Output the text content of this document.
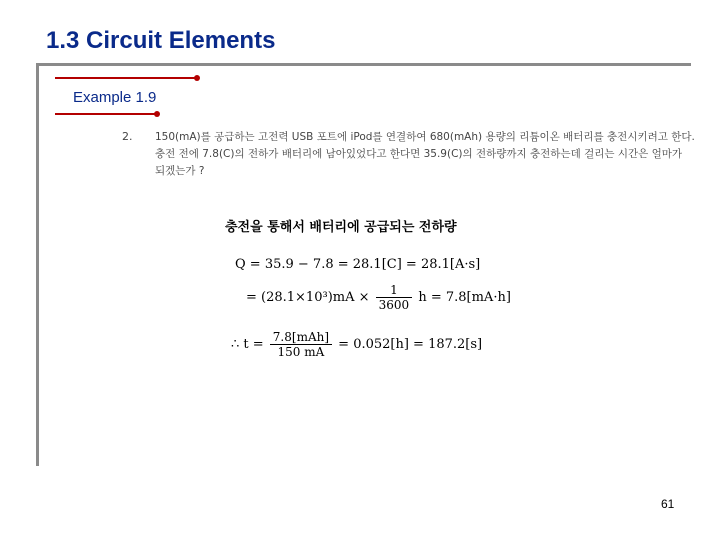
1.3 Circuit Elements
Example 1.9
2. 150(mA)를 공급하는 고전력 USB 포트에 iPod를 연결하여 680(mAh) 용량의 리튬이온 배터리를 충전시키려고 한다. 충전 전에 7.8(C)의 전하가 배터리에 남아있었다고 한다면 35.9(C)의 전하량까지 충전하는데 걸리는 시간은 얼마가 되겠는가 ?
충전을 통해서 배터리에 공급되는 전하량
Q = 35.9 − 7.8 = 28.1[C] = 28.1[A·s]
= $(28.1\times 10^3)mA \times \frac{1}{3600}$ h = 7.8[mA·h]
∴ $t = \frac{\text{7.8[mAh]}}{150 mA} = 0.052[h] = 187.2[s]$
61
